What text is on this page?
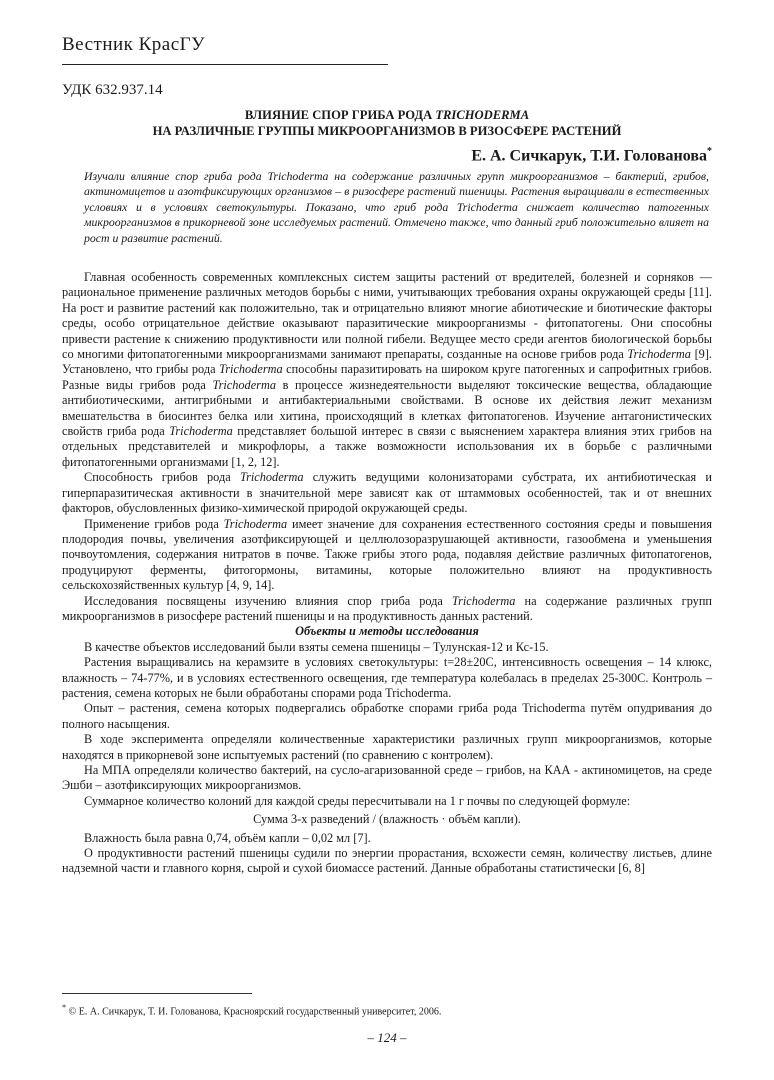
Вестник КрасГУ
УДК 632.937.14
ВЛИЯНИЕ СПОР ГРИБА РОДА TRICHODERMA
НА РАЗЛИЧНЫЕ ГРУППЫ МИКРООРГАНИЗМОВ В РИЗОСФЕРЕ РАСТЕНИЙ
Е. А. Сичкарук, Т.И. Голованова*

Изучали влияние спор гриба рода Trichoderma на содержание различных групп микроорганизмов – бактерий, грибов, актиномицетов и азотфиксирующих организмов – в ризосфере растений пшеницы. Растения выращивали в естественных условиях и в условиях светокультуры. Показано, что гриб рода Trichoderma снижает количество патогенных микроорганизмов в прикорневой зоне исследуемых растений. Отмечено также, что данный гриб положительно влияет на рост и развитие растений.

Главная особенность современных комплексных систем защиты растений от вредителей, болезней и сорняков — рациональное применение различных методов борьбы с ними, учитывающих требования охраны окружающей среды [11]. На рост и развитие растений как положительно, так и отрицательно влияют многие абиотические и биотические факторы среды, особо отрицательное действие оказывают паразитические микроорганизмы - фитопатогены. Они способны привести растение к снижению продуктивности или полной гибели. Ведущее место среди агентов биологической борьбы со многими фитопатогенными микроорганизмами занимают препараты, созданные на основе грибов рода Trichoderma [9]. Установлено, что грибы рода Trichoderma способны паразитировать на широком круге патогенных и сапрофитных грибов. Разные виды грибов рода Trichoderma в процессе жизнедеятельности выделяют токсические вещества, обладающие антибиотическими, антигрибными и антибактериальными свойствами. В основе их действия лежит механизм вмешательства в биосинтез белка или хитина, происходящий в клетках фитопатогенов. Изучение антагонистических свойств гриба рода Trichoderma представляет большой интерес в связи с выяснением характера влияния этих грибов на отдельных представителей и микрофлоры, а также возможности использования их в борьбе с различными фитопатогенными организмами [1, 2, 12].

Способность грибов рода Trichoderma служить ведущими колонизаторами субстрата, их антибиотическая и гиперпаразитическая активности в значительной мере зависят как от штаммовых особенностей, так и от внешних факторов, обусловленных физико-химической природой окружающей среды.

Применение грибов рода Trichoderma имеет значение для сохранения естественного состояния среды и повышения плодородия почвы, увеличения азотфиксирующей и целлюлозоразрушающей активности, газообмена и уменьшения почвоутомления, содержания нитратов в почве. Также грибы этого рода, подавляя действие различных фитопатогенов, продуцируют ферменты, фитогормоны, витамины, которые положительно влияют на продуктивность сельскохозяйственных культур [4, 9, 14].

Исследования посвящены изучению влияния спор гриба рода Trichoderma на содержание различных групп микроорганизмов в ризосфере растений пшеницы и на продуктивность данных растений.

Объекты и методы исследования

В качестве объектов исследований были взяты семена пшеницы – Тулунская-12 и Кс-15.

Растения выращивались на керамзите в условиях светокультуры: t=28±20С, интенсивность освещения – 14 клюкс, влажность – 74-77%, и в условиях естественного освещения, где температура колебалась в пределах 25-300С. Контроль – растения, семена которых не были обработаны спорами рода Trichoderma.

Опыт – растения, семена которых подвергались обработке спорами гриба рода Trichoderma путём опудривания до полного насыщения.

В ходе эксперимента определяли количественные характеристики различных групп микроорганизмов, которые находятся в прикорневой зоне испытуемых растений (по сравнению с контролем).

На МПА определяли количество бактерий, на сусло-агаризованной среде – грибов, на КАА - актиномицетов, на среде Эшби – азотфиксирующих микроорганизмов.

Суммарное количество колоний для каждой среды пересчитывали на 1 г почвы по следующей формуле:

Сумма 3-х разведений / (влажность · объём капли).

Влажность была равна 0,74, объём капли – 0,02 мл [7].

О продуктивности растений пшеницы судили по энергии прорастания, всхожести семян, количеству листьев, длине надземной части и главного корня, сырой и сухой биомассе растений. Данные обработаны статистически [6, 8]

* © Е. А. Сичкарук, Т. И. Голованова, Красноярский государственный университет, 2006.
– 124 –
